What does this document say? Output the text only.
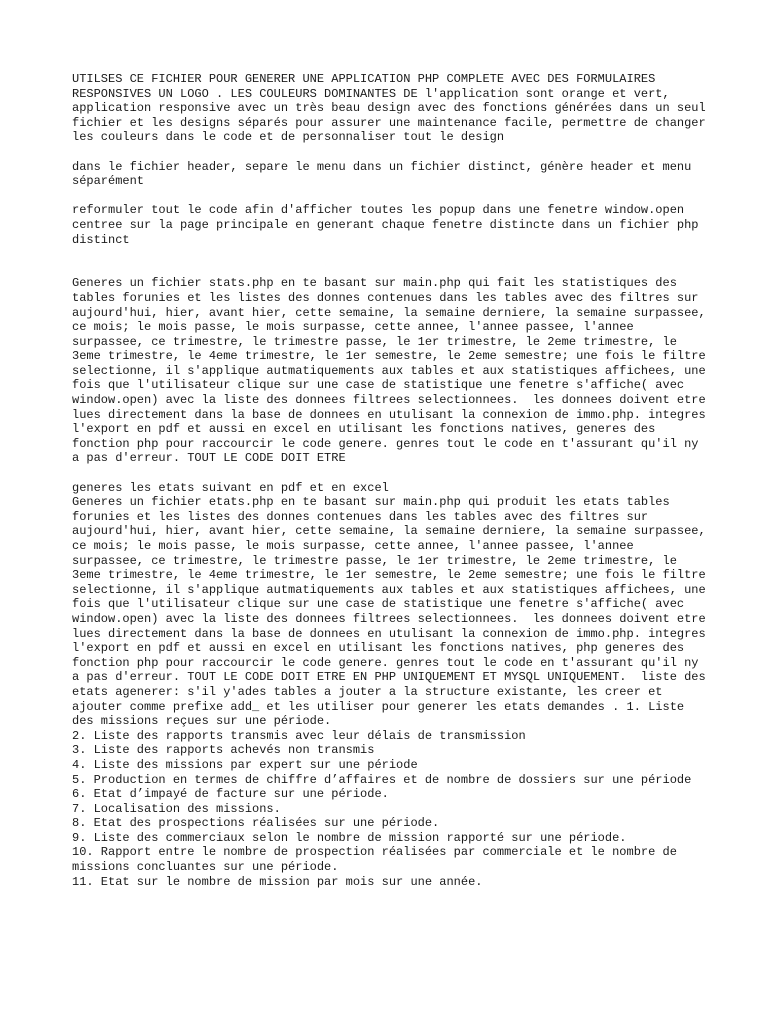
UTILSES CE FICHIER POUR GENERER UNE APPLICATION PHP COMPLETE AVEC DES FORMULAIRES RESPONSIVES UN LOGO . LES COULEURS DOMINANTES DE l'application sont orange et vert, application responsive avec un très beau design avec des fonctions générées dans un seul fichier et les designs séparés pour assurer une maintenance facile, permettre de changer les couleurs dans le code et de personnaliser tout le design

dans le fichier header, separe le menu dans un fichier distinct, génère header et menu séparément

reformuler tout le code afin d'afficher toutes les popup dans une fenetre window.open centree sur la page principale en generant chaque fenetre distincte dans un fichier php distinct

Generes un fichier stats.php en te basant sur main.php qui fait les statistiques des tables forunies et les listes des donnes contenues dans les tables avec des filtres sur aujourd'hui, hier, avant hier, cette semaine, la semaine derniere, la semaine surpassee, ce mois; le mois passe, le mois surpasse, cette annee, l'annee passee, l'annee surpassee, ce trimestre, le trimestre passe, le 1er trimestre, le 2eme trimestre, le 3eme trimestre, le 4eme trimestre, le 1er semestre, le 2eme semestre; une fois le filtre selectionne, il s'applique autmatiquements aux tables et aux statistiques affichees, une fois que l'utilisateur clique sur une case de statistique une fenetre s'affiche( avec window.open) avec la liste des donnees filtrees selectionnees.  les donnees doivent etre lues directement dans la base de donnees en utulisant la connexion de immo.php. integres l'export en pdf et aussi en excel en utilisant les fonctions natives, generes des fonction php pour raccourcir le code genere. genres tout le code en t'assurant qu'il ny a pas d'erreur. TOUT LE CODE DOIT ETRE

generes les etats suivant en pdf et en excel
Generes un fichier etats.php en te basant sur main.php qui produit les etats tables forunies et les listes des donnes contenues dans les tables avec des filtres sur aujourd'hui, hier, avant hier, cette semaine, la semaine derniere, la semaine surpassee, ce mois; le mois passe, le mois surpasse, cette annee, l'annee passee, l'annee surpassee, ce trimestre, le trimestre passe, le 1er trimestre, le 2eme trimestre, le 3eme trimestre, le 4eme trimestre, le 1er semestre, le 2eme semestre; une fois le filtre selectionne, il s'applique autmatiquements aux tables et aux statistiques affichees, une fois que l'utilisateur clique sur une case de statistique une fenetre s'affiche( avec window.open) avec la liste des donnees filtrees selectionnees.  les donnees doivent etre lues directement dans la base de donnees en utulisant la connexion de immo.php. integres l'export en pdf et aussi en excel en utilisant les fonctions natives, php generes des fonction php pour raccourcir le code genere. genres tout le code en t'assurant qu'il ny a pas d'erreur. TOUT LE CODE DOIT ETRE EN PHP UNIQUEMENT ET MYSQL UNIQUEMENT.  liste des etats agenerer: s'il y'ades tables a jouter a la structure existante, les creer et ajouter comme prefixe add_ et les utiliser pour generer les etats demandes . 1. Liste des missions reçues sur une période.

2. Liste des rapports transmis avec leur délais de transmission
3. Liste des rapports achevés non transmis
4. Liste des missions par expert sur une période
5. Production en termes de chiffre d’affaires et de nombre de dossiers sur une période
6. Etat d’impayé de facture sur une période.
7. Localisation des missions.
8. Etat des prospections réalisées sur une période.
9. Liste des commerciaux selon le nombre de mission rapporté sur une période.
10. Rapport entre le nombre de prospection réalisées par commerciale et le nombre de missions concluantes sur une période.
11. Etat sur le nombre de mission par mois sur une année.
